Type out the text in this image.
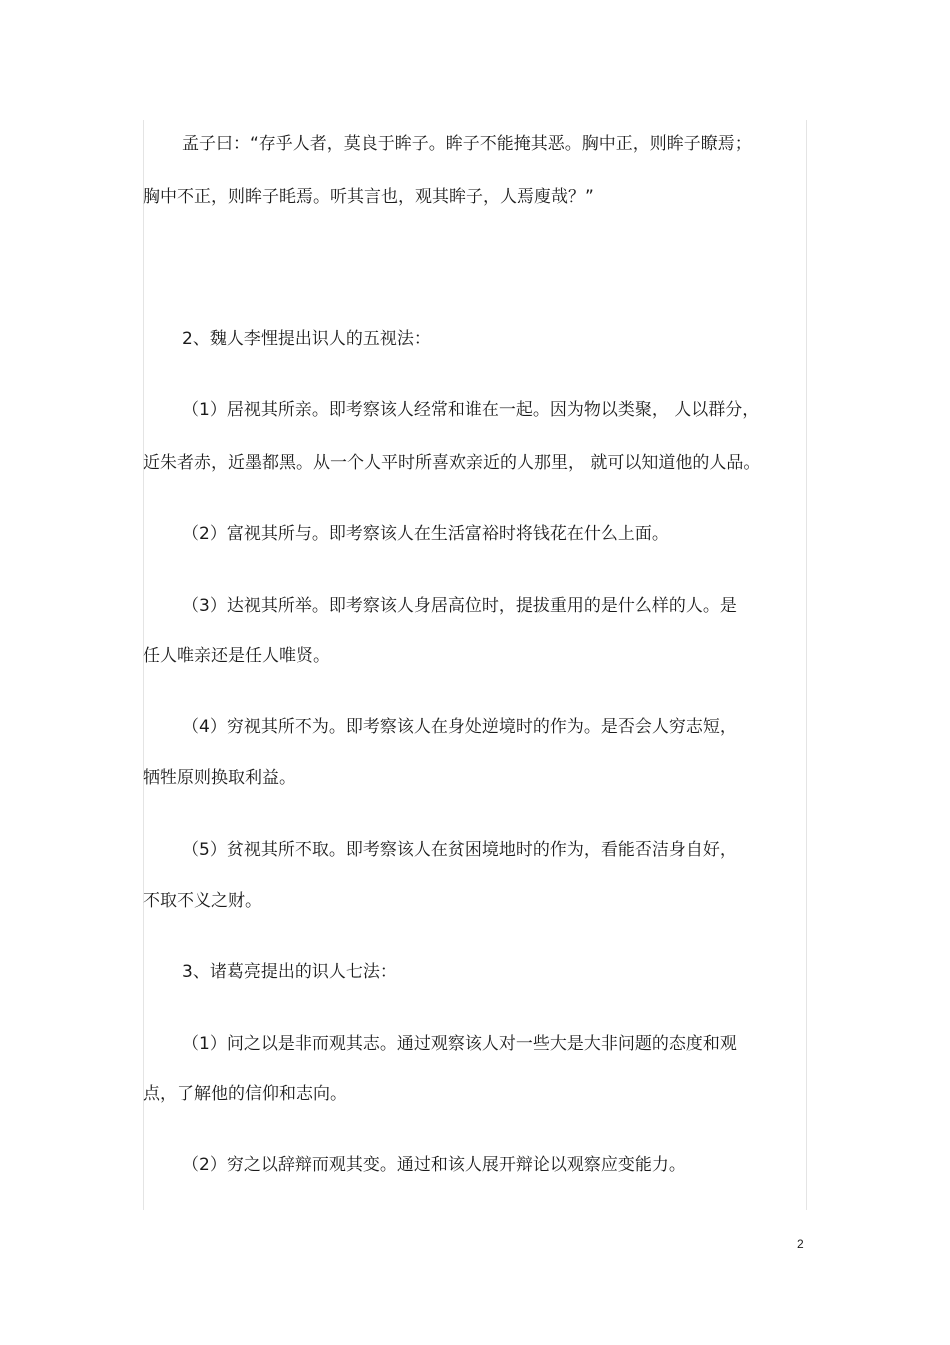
孟子曰：“存乎人者，莫良于眸子。眸子不能掩其恶。胸中正，则眸子瞭焉；
胸中不正，则眸子眊焉。听其言也，观其眸子，人焉廋哉？”
2、魏人李悝提出识人的五视法：
（1）居视其所亲。即考察该人经常和谁在一起。因为物以类聚， 人以群分，
近朱者赤，近墨都黑。从一个人平时所喜欢亲近的人那里， 就可以知道他的人品。
（2）富视其所与。即考察该人在生活富裕时将钱花在什么上面。
（3）达视其所举。即考察该人身居高位时，提拔重用的是什么样的人。是
任人唯亲还是任人唯贤。
（4）穷视其所不为。即考察该人在身处逆境时的作为。是否会人穷志短，
牺牲原则换取利益。
（5）贫视其所不取。即考察该人在贫困境地时的作为，看能否洁身自好，
不取不义之财。
3、诸葛亮提出的识人七法：
（1）问之以是非而观其志。通过观察该人对一些大是大非问题的态度和观
点，了解他的信仰和志向。
（2）穷之以辞辩而观其变。通过和该人展开辩论以观察应变能力。
2
